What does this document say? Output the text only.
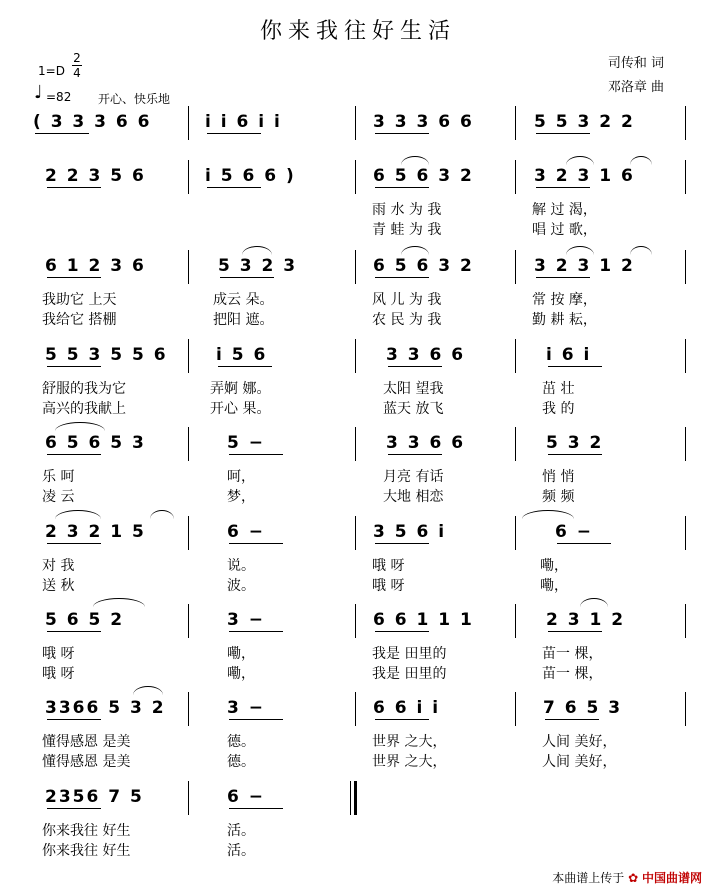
你来我往好生活
司传和 词
邓洛章 曲
1=D
2
4
♩ =82 开心、快乐地
( 3 3 3 6 6	i i 6 i i	3 3 3 6 6	5 5 3 2 2
2 2 3 5 6	i 5 6 6 )	6 5 6 3 2	3 2 3 1 6
雨 水 为 我	解 过 渴，
青 蛙 为 我	唱 过 歌，
6 1 2 3 6	5 3 2 3	6 5 6 3 2	3 2 3 1 2
我助它 上天	成云 朵。	风 儿 为 我	常 按 摩，
我给它 搭棚	把阳 遮。	农 民 为 我	勤 耕 耘，
5 5 3 5 5 6	i 5 6	3 3 6 6	i 6 i
舒服的我为它	弄婀 娜。	太阳 望我	茁 壮
高兴的我献上	开心 果。	蓝天 放飞	我 的
6 5 6 5 3	5 −	3 3 6 6	5 3 2
乐 呵	呵，	月亮 有话	悄 悄
凌 云	梦，	大地 相恋	频 频
2 3 2 1 5	6 −	3 5 6 i	6 −
对 我	说。	哦 呀	嘞，
送 秋	波。	哦 呀	嘞，
5 6 5 2	3 −	6 6 1 1 1	2 3 1 2
哦 呀	嘞，	我是 田里的	苗一 棵，
哦 呀	嘞，	我是 田里的	苗一 棵，
3366 5 3 2	3 −	6 6 i i	7 6 5 3
懂得感恩 是美	德。	世界 之大，	人间 美好，
懂得感恩 是美	德。	世界 之大，	人间 美好，
2356 7 5	6 −
你来我往 好生	活。
你来我往 好生	活。
本曲谱上传于 ✿ 中国曲谱网
